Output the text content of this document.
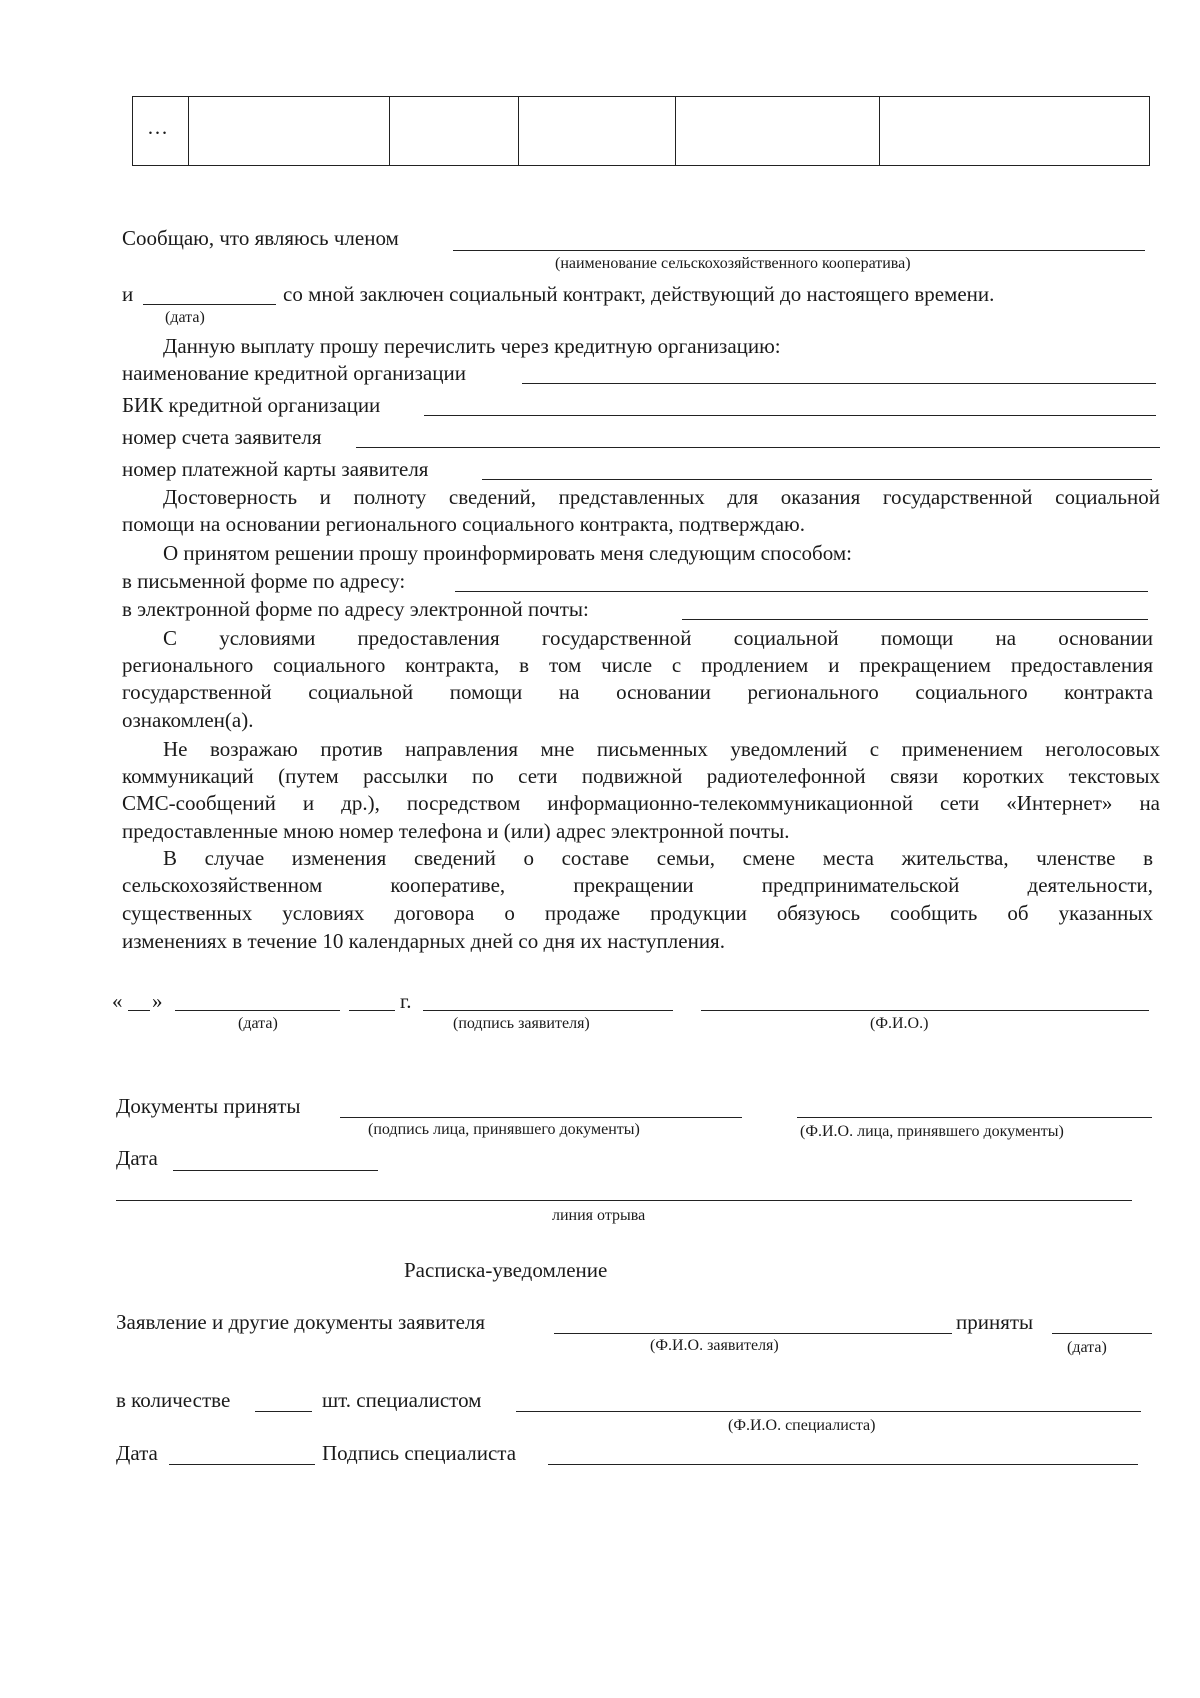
…
Сообщаю, что являюсь членом
(наименование сельскохозяйственного кооператива)
и	со мной заключен социальный контракт, действующий до настоящего времени.
(дата)
Данную выплату прошу перечислить через кредитную организацию:
наименование кредитной организации
БИК кредитной организации
номер счета заявителя
номер платежной карты заявителя
Достоверность и полноту сведений, представленных для оказания государственной социальной
помощи на основании регионального социального контракта, подтверждаю.
О принятом решении прошу проинформировать меня следующим способом:
в письменной форме по адресу:
в электронной форме по адресу электронной почты:
С условиями предоставления государственной социальной помощи на основании
регионального социального контракта, в том числе с продлением и прекращением предоставления
государственной социальной помощи на основании регионального социального контракта
ознакомлен(а).
Не возражаю против направления мне письменных уведомлений с применением неголосовых
коммуникаций (путем рассылки по сети подвижной радиотелефонной связи коротких текстовых
СМС-сообщений и др.), посредством информационно-телекоммуникационной сети «Интернет» на
предоставленные мною номер телефона и (или) адрес электронной почты.
В случае изменения сведений о составе семьи, смене места жительства, членстве в
сельскохозяйственном кооперативе, прекращении предпринимательской деятельности,
существенных условиях договора о продаже продукции обязуюсь сообщить об указанных
изменениях в течение 10 календарных дней со дня их наступления.
« »	г.
(дата)	(подпись заявителя)	(Ф.И.О.)
Документы приняты
(подпись лица, принявшего документы)	(Ф.И.О. лица, принявшего документы)
Дата
линия отрыва
Расписка-уведомление
Заявление и другие документы заявителя	приняты
(Ф.И.О. заявителя)	(дата)
в количестве	шт. специалистом
(Ф.И.О. специалиста)
Дата	Подпись специалиста
